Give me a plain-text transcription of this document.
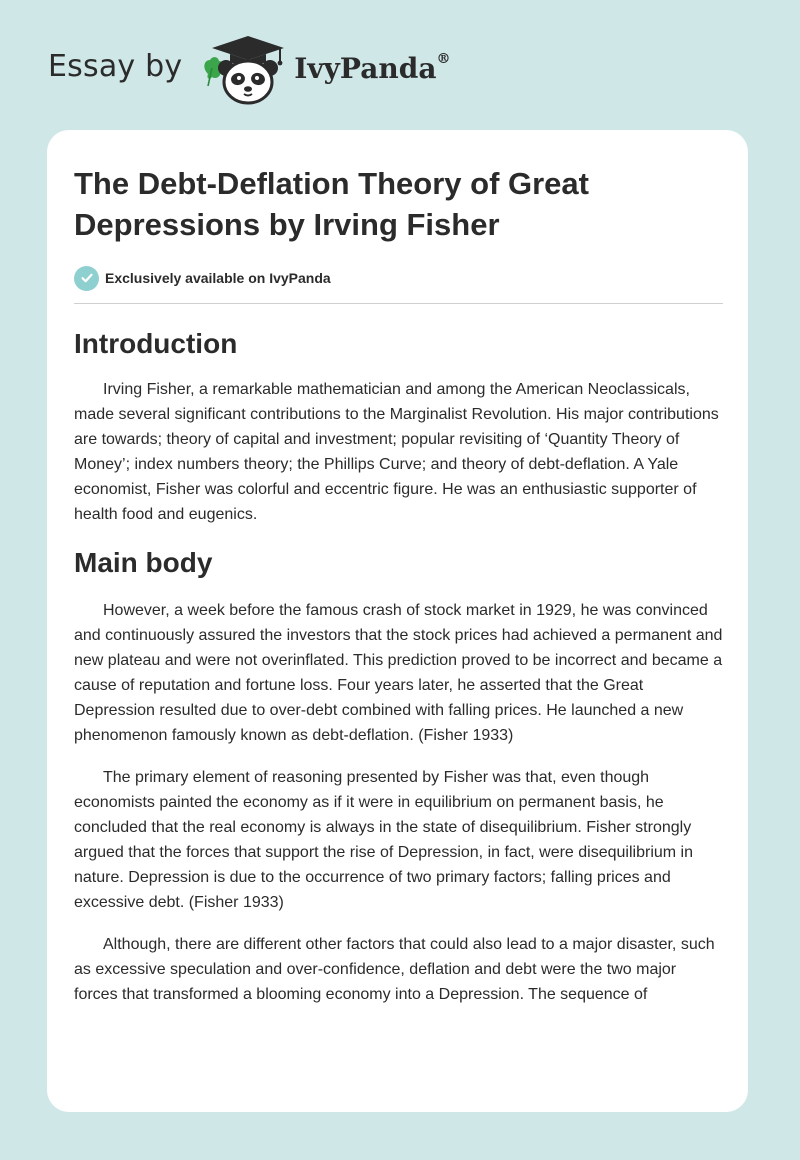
Essay by	IvyPanda®
The Debt-Deflation Theory of Great Depressions by Irving Fisher
Exclusively available on IvyPanda
Introduction

Irving Fisher, a remarkable mathematician and among the American Neoclassicals, made several significant contributions to the Marginalist Revolution. His major contributions are towards; theory of capital and investment; popular revisiting of ‘Quantity Theory of Money’; index numbers theory; the Phillips Curve; and theory of debt-deflation. A Yale economist, Fisher was colorful and eccentric figure. He was an enthusiastic supporter of health food and eugenics.

Main body

However, a week before the famous crash of stock market in 1929, he was convinced and continuously assured the investors that the stock prices had achieved a permanent and new plateau and were not overinflated. This prediction proved to be incorrect and became a cause of reputation and fortune loss. Four years later, he asserted that the Great Depression resulted due to over-debt combined with falling prices. He launched a new phenomenon famously known as debt-deflation. (Fisher 1933)

The primary element of reasoning presented by Fisher was that, even though economists painted the economy as if it were in equilibrium on permanent basis, he concluded that the real economy is always in the state of disequilibrium. Fisher strongly argued that the forces that support the rise of Depression, in fact, were disequilibrium in nature. Depression is due to the occurrence of two primary factors; falling prices and excessive debt. (Fisher 1933)

Although, there are different other factors that could also lead to a major disaster, such as excessive speculation and over-confidence, deflation and debt were the two major forces that transformed a blooming economy into a Depression. The sequence of
